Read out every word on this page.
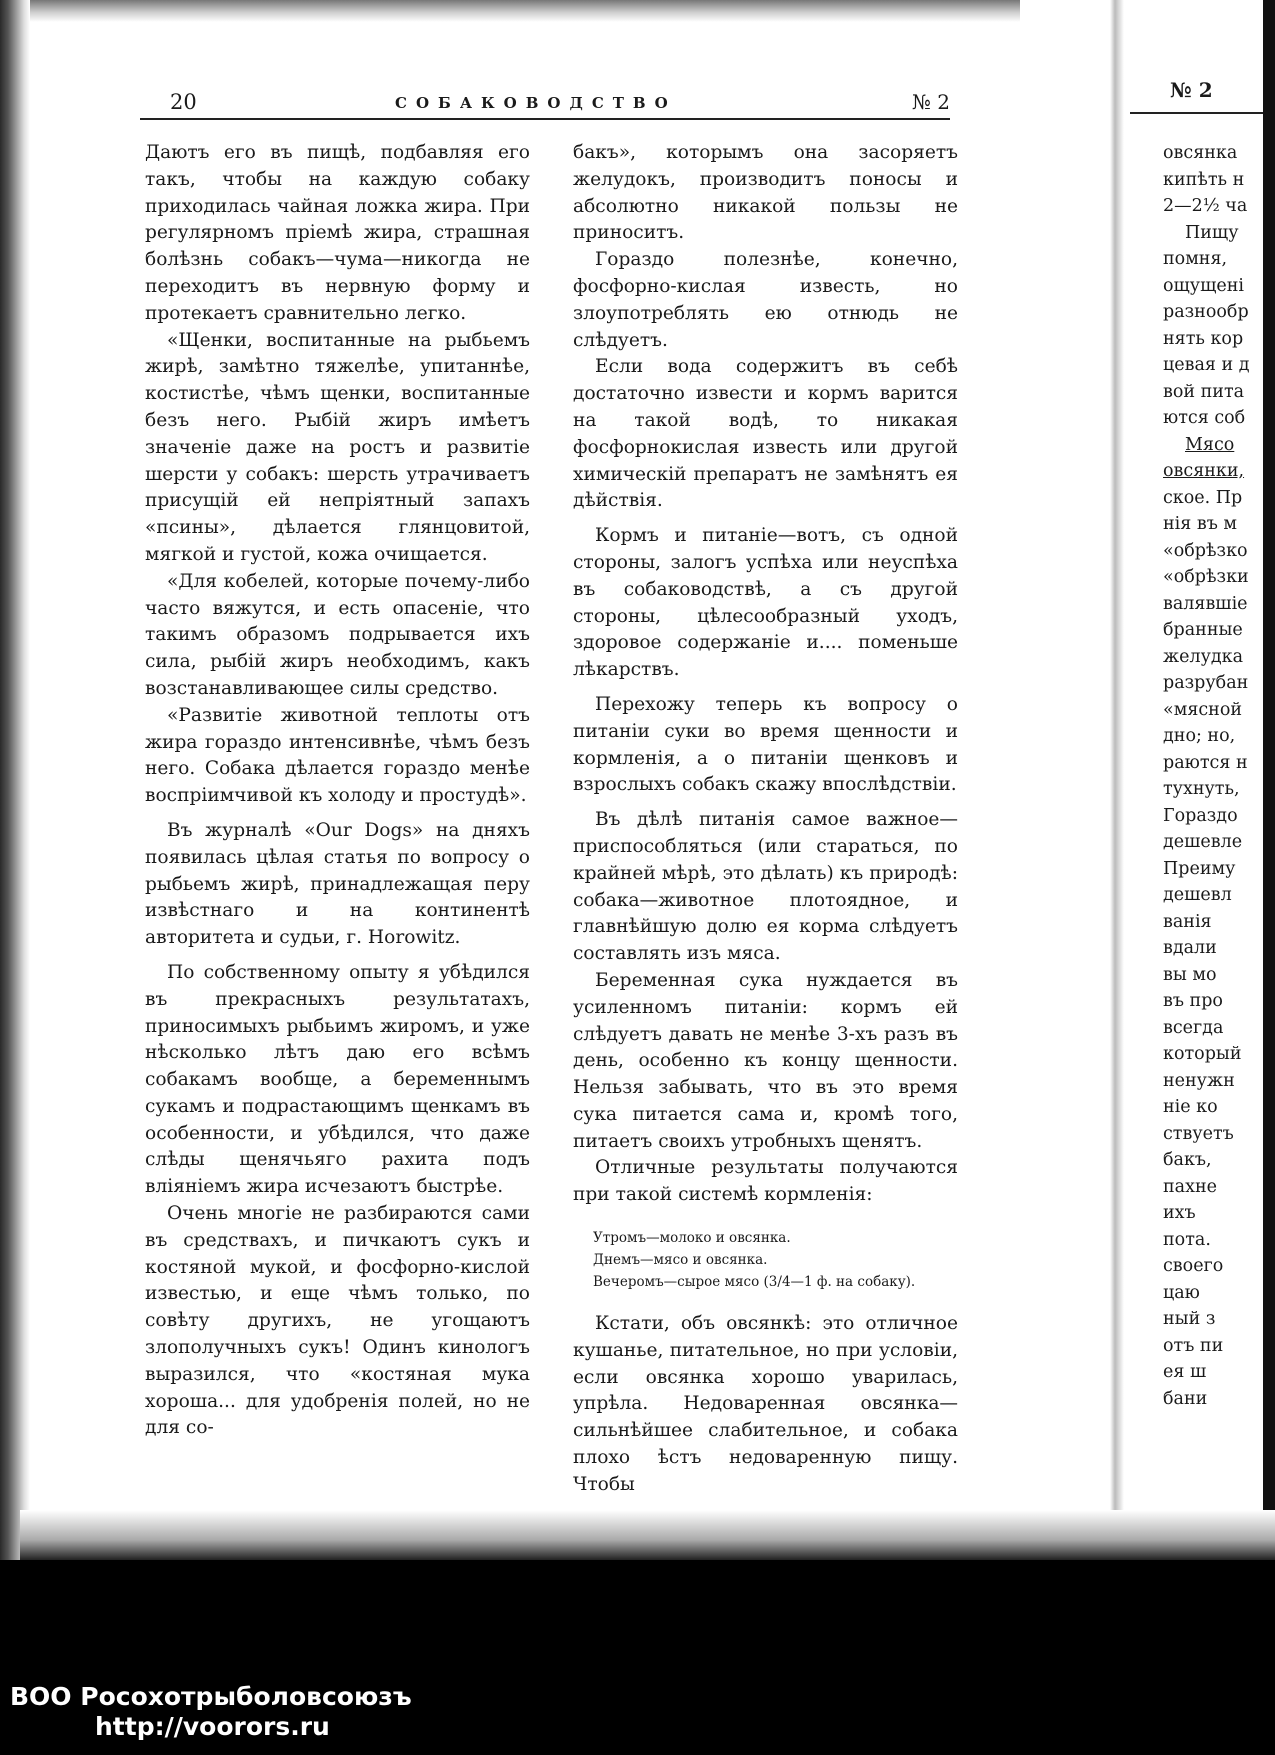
20	СОБАКОВОДСТВО	№ 2

Даютъ его въ пищѣ, подбавляя его такъ, чтобы на каждую собаку приходилась чайная ложка жира. При регулярномъ пріемѣ жира, страшная болѣзнь собакъ—чума—никогда не переходитъ въ нервную форму и протекаетъ сравнительно легко.

«Щенки, воспитанные на рыбьемъ жирѣ, замѣтно тяжелѣе, упитаннѣе, костистѣе, чѣмъ щенки, воспитанные безъ него. Рыбій жиръ имѣетъ значеніе даже на ростъ и развитіе шерсти у собакъ: шерсть утрачиваетъ присущій ей непріятный запахъ «псины», дѣлается глянцовитой, мягкой и густой, кожа очищается.

«Для кобелей, которые почему-либо часто вяжутся, и есть опасеніе, что такимъ образомъ подрывается ихъ сила, рыбій жиръ необходимъ, какъ возстанавливающее силы средство.

«Развитіе животной теплоты отъ жира гораздо интенсивнѣе, чѣмъ безъ него. Собака дѣлается гораздо менѣе воспріимчивой къ холоду и простудѣ».

Въ журналѣ «Our Dogs» на дняхъ появилась цѣлая статья по вопросу о рыбьемъ жирѣ, принадлежащая перу извѣстнаго и на континентѣ авторитета и судьи, г. Horowitz.

По собственному опыту я убѣдился въ прекрасныхъ результатахъ, приносимыхъ рыбьимъ жиромъ, и уже нѣсколько лѣтъ даю его всѣмъ собакамъ вообще, а беременнымъ сукамъ и подрастающимъ щенкамъ въ особенности, и убѣдился, что даже слѣды щенячьяго рахита подъ вліяніемъ жира исчезаютъ быстрѣе.

Очень многіе не разбираются сами въ средствахъ, и пичкаютъ сукъ и костяной мукой, и фосфорно-кислой известью, и еще чѣмъ только, по совѣту другихъ, не угощаютъ злополучныхъ сукъ! Одинъ кинологъ выразился, что «костяная мука хороша... для удобренія полей, но не для со-

бакъ», которымъ она засоряетъ желудокъ, производитъ поносы и абсолютно никакой пользы не приноситъ.

Гораздо полезнѣе, конечно, фосфорно-кислая известь, но злоупотреблять ею отнюдь не слѣдуетъ.

Если вода содержитъ въ себѣ достаточно извести и кормъ варится на такой водѣ, то никакая фосфорнокислая известь или другой химическій препаратъ не замѣнятъ ея дѣйствія.

Кормъ и питаніе—вотъ, съ одной стороны, залогъ успѣха или неуспѣха въ собаководствѣ, а съ другой стороны, цѣлесообразный уходъ, здоровое содержаніе и.... поменьше лѣкарствъ.

Перехожу теперь къ вопросу о питаніи суки во время щенности и кормленія, а о питаніи щенковъ и взрослыхъ собакъ скажу впослѣдствіи.

Въ дѣлѣ питанія самое важное—приспособляться (или стараться, по крайней мѣрѣ, это дѣлать) къ природѣ: собака—животное плотоядное, и главнѣйшую долю ея корма слѣдуетъ составлять изъ мяса.

Беременная сука нуждается въ усиленномъ питаніи: кормъ ей слѣдуетъ давать не менѣе 3-хъ разъ въ день, особенно къ концу щенности. Нельзя забывать, что въ это время сука питается сама и, кромѣ того, питаетъ своихъ утробныхъ щенятъ.

Отличные результаты получаются при такой системѣ кормленія:

Утромъ—молоко и овсянка.
Днемъ—мясо и овсянка.
Вечеромъ—сырое мясо (3/4—1 ф. на собаку).

Кстати, объ овсянкѣ: это отличное кушанье, питательное, но при условіи, если овсянка хорошо уварилась, упрѣла. Недоваренная овсянка—сильнѣйшее слабительное, и собака плохо ѣстъ недоваренную пищу. Чтобы

№ 2
овсянка
кипѣть н
2—2½ ча
Пищу
помня,
ощущені
разнообр
нять кор
цевая и д
вой пита
ются соб
Мясо
овсянки,
ское. Пр
нія въ м
«обрѣзко
«обрѣзки
валявшіе
бранные
желудка
разрубан
«мясной
дно; но,
раются н
тухнуть,
Гораздо
дешевле
Преиму
дешевл
ванія
вдали
вы мо
въ про
всегда
который
ненужн
ніе ко
ствуетъ
бакъ,
пахне
ихъ
пота.
своего
цаю
ный з
отъ пи
ея ш
бани
ВОО Росохотрыболовсоюзъ
http://voorors.ru
